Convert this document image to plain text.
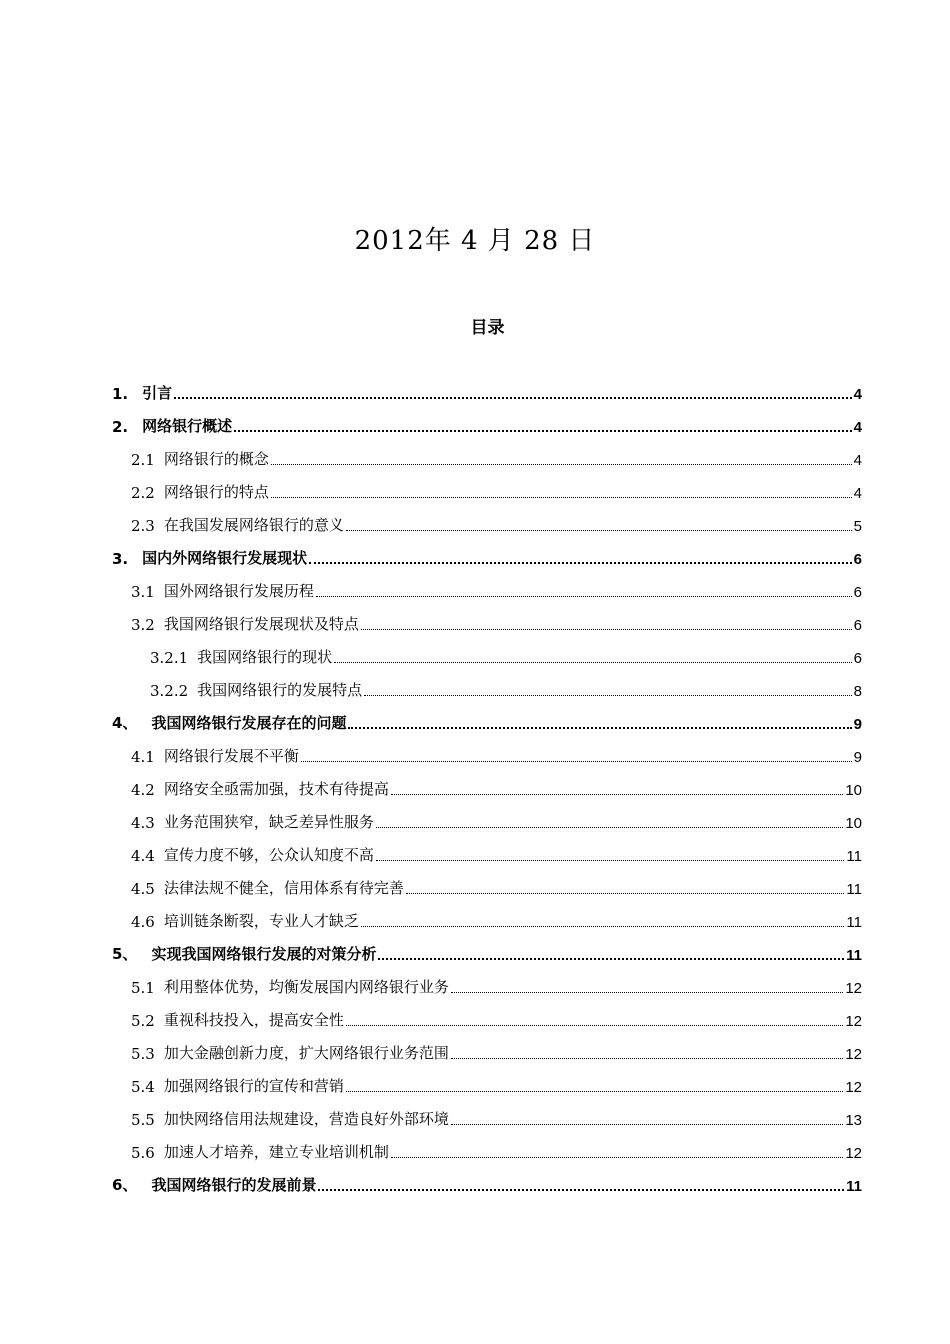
2012年 4 月 28 日
目录
1. 引言	4
2. 网络银行概述	4
2.1 网络银行的概念	4
2.2 网络银行的特点	4
2.3 在我国发展网络银行的意义	5
3. 国内外网络银行发展现状	6
3.1 国外网络银行发展历程	6
3.2 我国网络银行发展现状及特点	6
3.2.1 我国网络银行的现状	6
3.2.2 我国网络银行的发展特点	8
4、 我国网络银行发展存在的问题	9
4.1 网络银行发展不平衡	9
4.2 网络安全亟需加强，技术有待提高	10
4.3 业务范围狭窄，缺乏差异性服务	10
4.4 宣传力度不够，公众认知度不高	11
4.5 法律法规不健全，信用体系有待完善	11
4.6 培训链条断裂，专业人才缺乏	11
5、 实现我国网络银行发展的对策分析	11
5.1 利用整体优势，均衡发展国内网络银行业务	12
5.2 重视科技投入，提高安全性	12
5.3 加大金融创新力度，扩大网络银行业务范围	12
5.4 加强网络银行的宣传和营销	12
5.5 加快网络信用法规建设，营造良好外部环境	13
5.6 加速人才培养，建立专业培训机制	12
6、 我国网络银行的发展前景	11
